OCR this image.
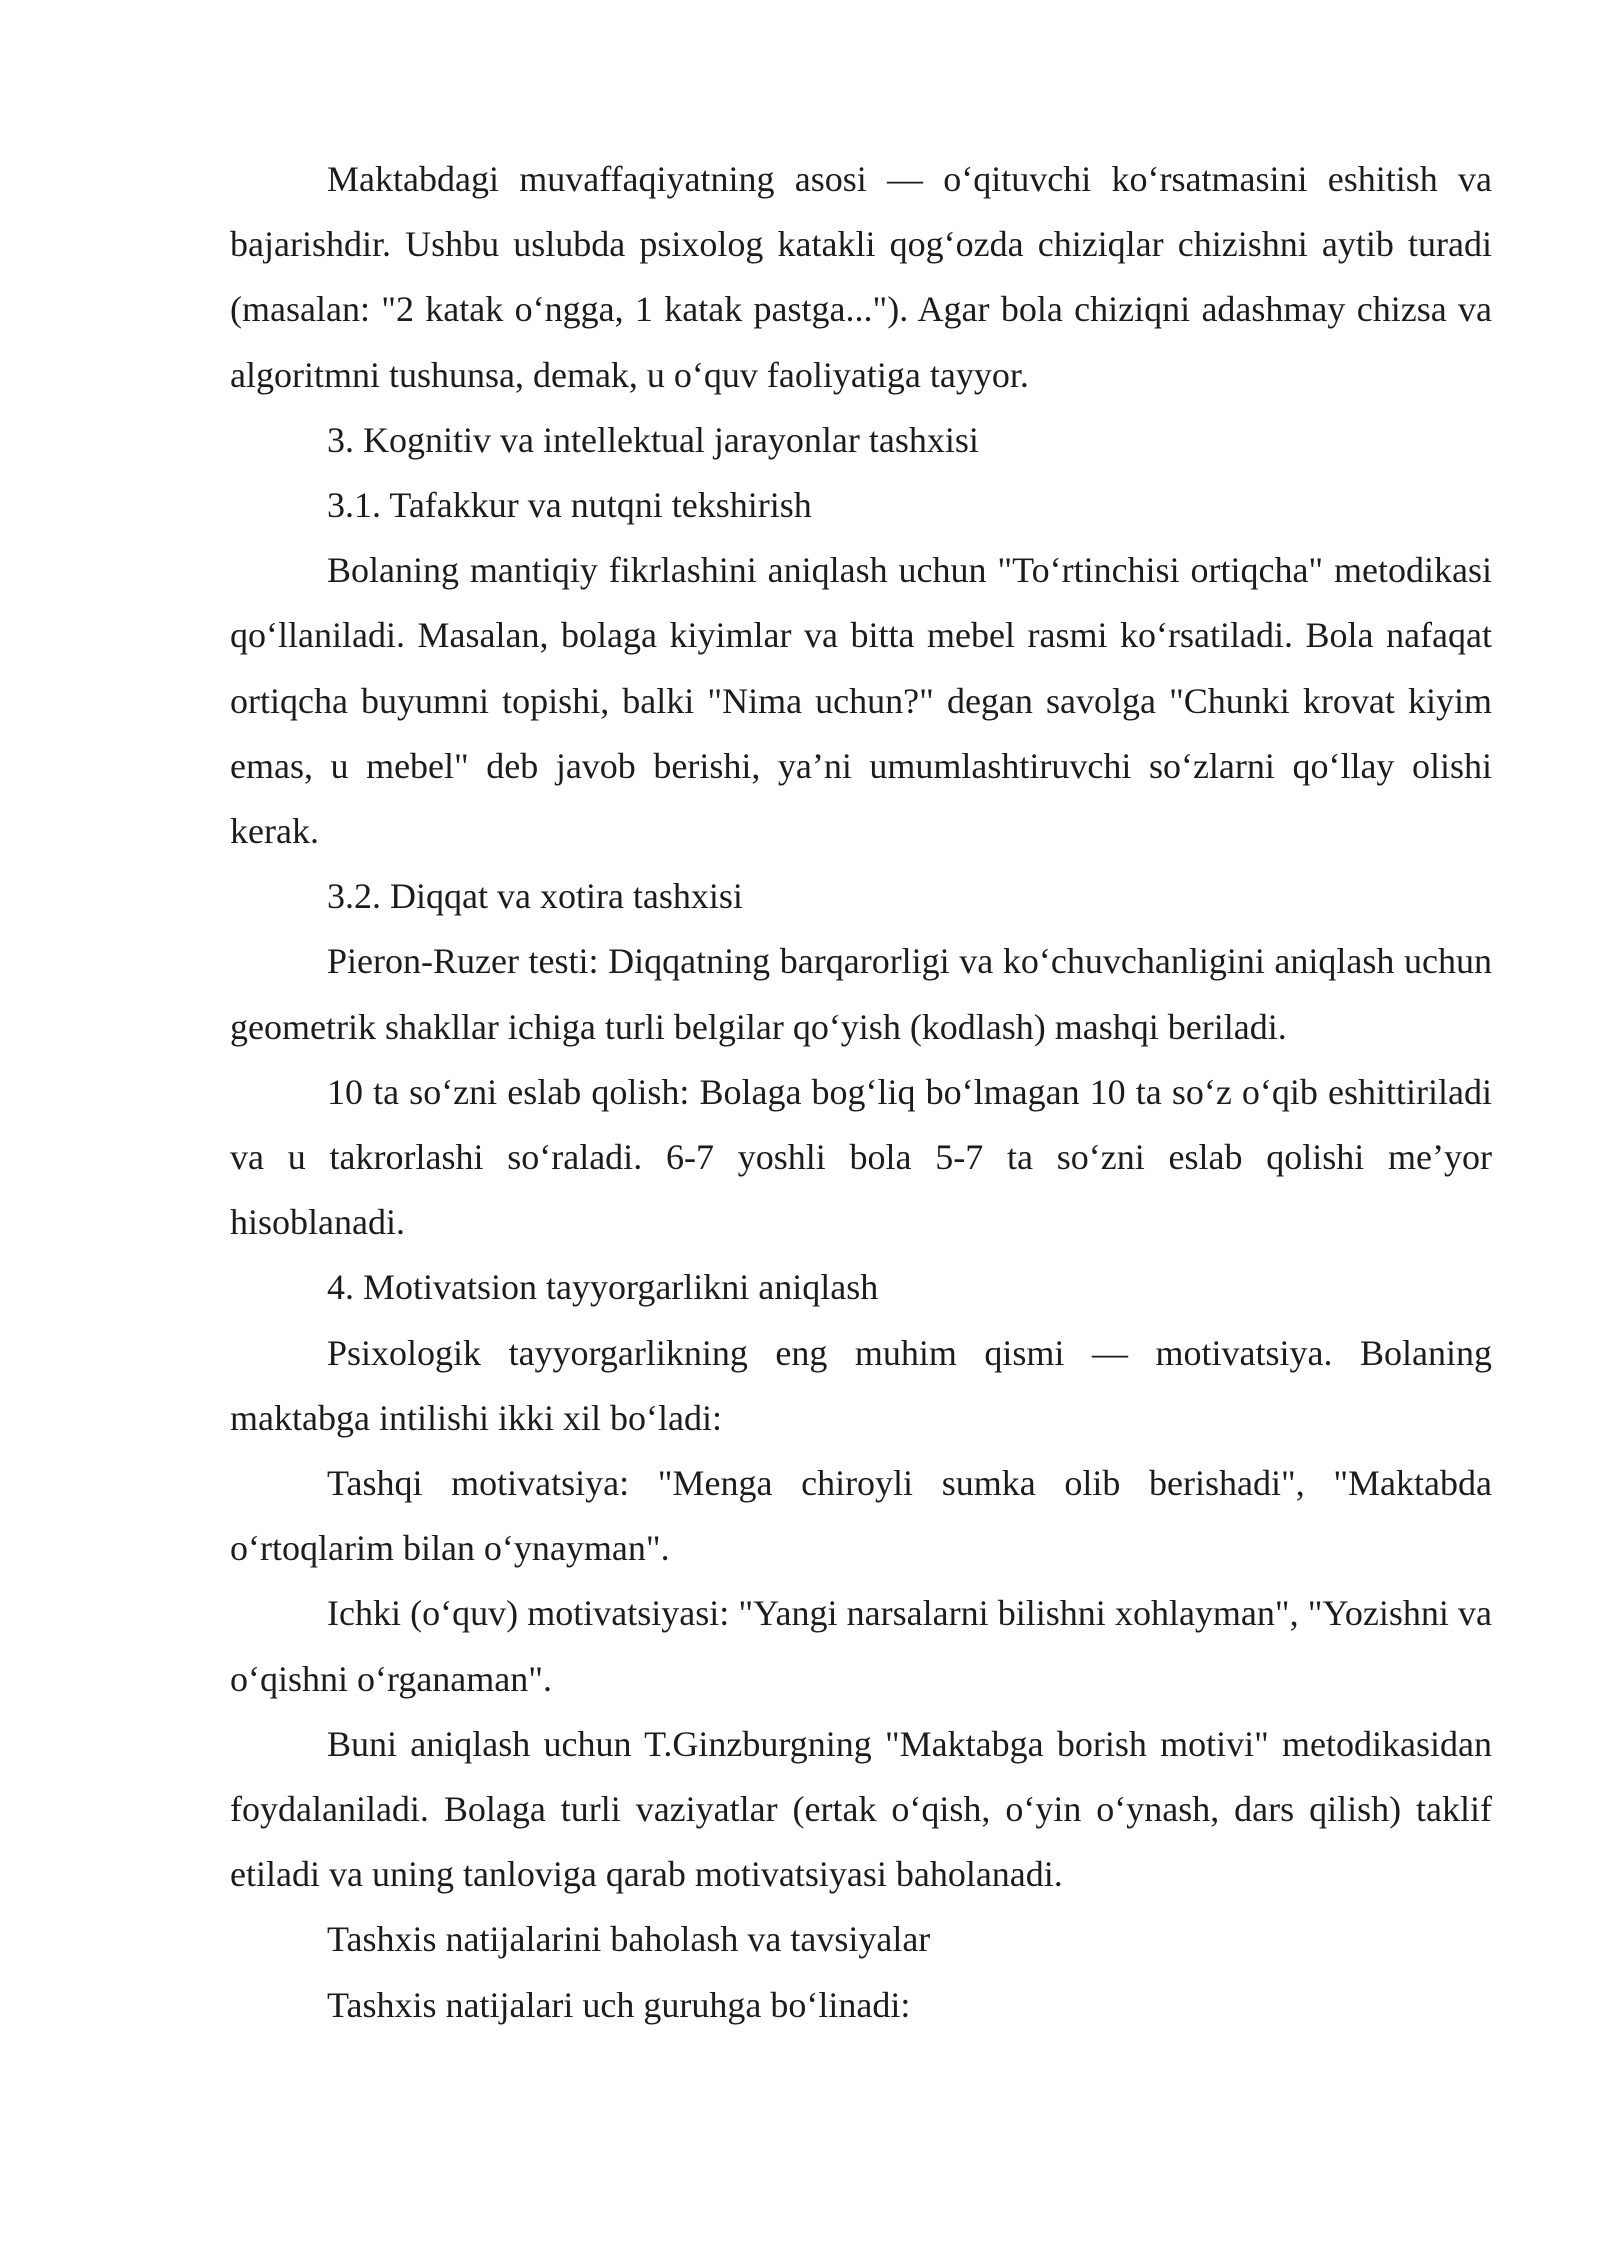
Maktabdagi muvaffaqiyatning asosi — o‘qituvchi ko‘rsatmasini eshitish va bajarishdir. Ushbu uslubda psixolog katakli qog‘ozda chiziqlar chizishni aytib turadi (masalan: "2 katak o‘ngga, 1 katak pastga..."). Agar bola chiziqni adashmay chizsa va algoritmni tushunsa, demak, u o‘quv faoliyatiga tayyor.

3. Kognitiv va intellektual jarayonlar tashxisi

3.1. Tafakkur va nutqni tekshirish

Bolaning mantiqiy fikrlashini aniqlash uchun "To‘rtinchisi ortiqcha" metodikasi qo‘llaniladi. Masalan, bolaga kiyimlar va bitta mebel rasmi ko‘rsatiladi. Bola nafaqat ortiqcha buyumni topishi, balki "Nima uchun?" degan savolga "Chunki krovat kiyim emas, u mebel" deb javob berishi, ya’ni umumlashtiruvchi so‘zlarni qo‘llay olishi kerak.

3.2. Diqqat va xotira tashxisi

Pieron-Ruzer testi: Diqqatning barqarorligi va ko‘chuvchanligini aniqlash uchun geometrik shakllar ichiga turli belgilar qo‘yish (kodlash) mashqi beriladi.

10 ta so‘zni eslab qolish: Bolaga bog‘liq bo‘lmagan 10 ta so‘z o‘qib eshittiriladi va u takrorlashi so‘raladi. 6-7 yoshli bola 5-7 ta so‘zni eslab qolishi me’yor hisoblanadi.

4. Motivatsion tayyorgarlikni aniqlash

Psixologik tayyorgarlikning eng muhim qismi — motivatsiya. Bolaning maktabga intilishi ikki xil bo‘ladi:

Tashqi motivatsiya: "Menga chiroyli sumka olib berishadi", "Maktabda o‘rtoqlarim bilan o‘ynayman".

Ichki (o‘quv) motivatsiyasi: "Yangi narsalarni bilishni xohlayman", "Yozishni va o‘qishni o‘rganaman".

Buni aniqlash uchun T.Ginzburgning "Maktabga borish motivi" metodikasidan foydalaniladi. Bolaga turli vaziyatlar (ertak o‘qish, o‘yin o‘ynash, dars qilish) taklif etiladi va uning tanloviga qarab motivatsiyasi baholanadi.

Tashxis natijalarini baholash va tavsiyalar

Tashxis natijalari uch guruhga bo‘linadi:
